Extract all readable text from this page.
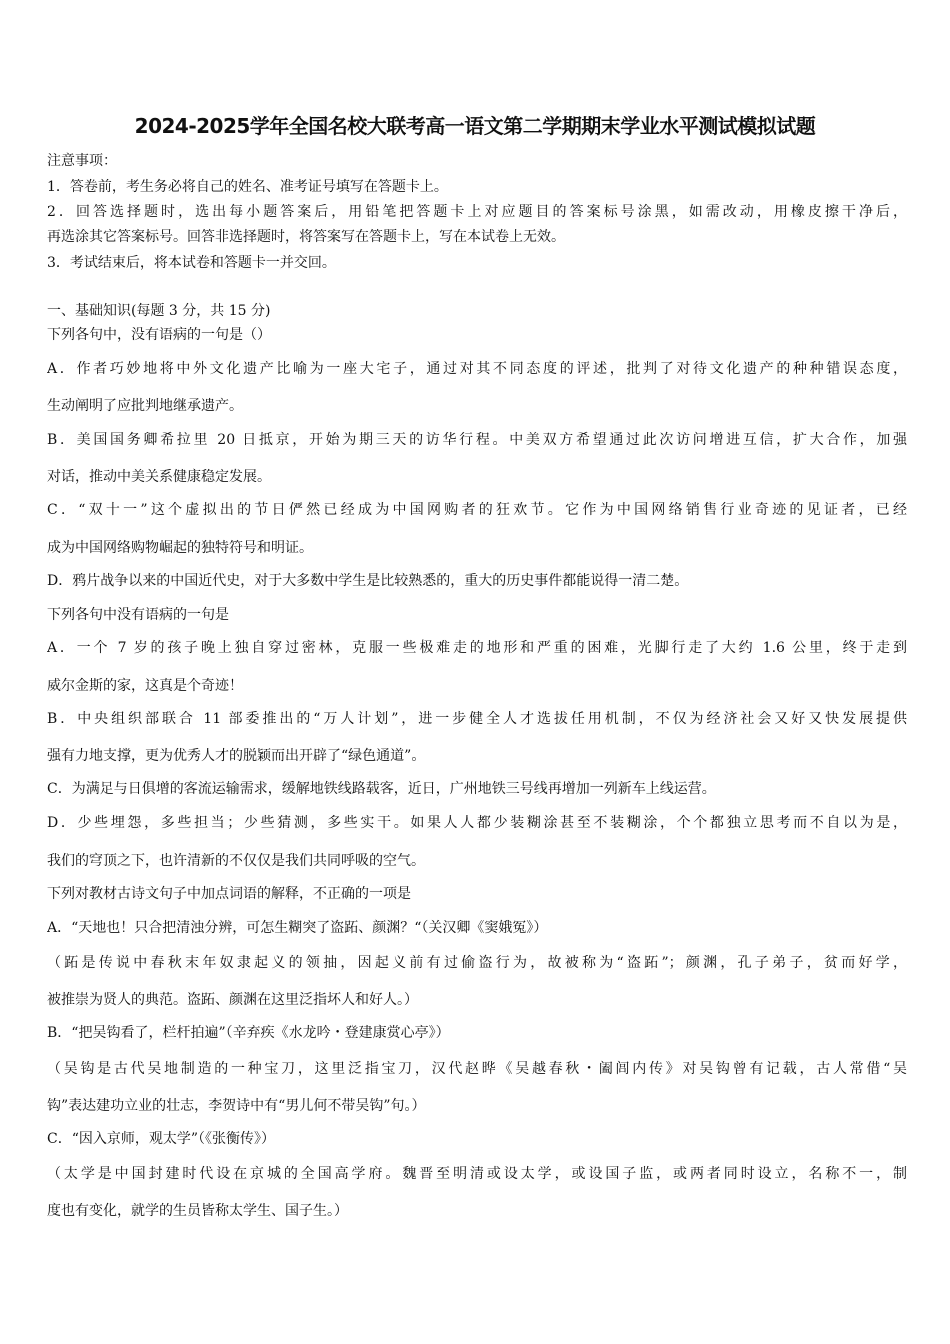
2024-2025学年全国名校大联考高一语文第二学期期末学业水平测试模拟试题

注意事项：

1．答卷前，考生务必将自己的姓名、准考证号填写在答题卡上。

2．回答选择题时，选出每小题答案后，用铅笔把答题卡上对应题目的答案标号涂黑，如需改动，用橡皮擦干净后，

再选涂其它答案标号。回答非选择题时，将答案写在答题卡上，写在本试卷上无效。

3．考试结束后，将本试卷和答题卡一并交回。

一、基础知识(每题 3 分，共 15 分)

下列各句中，没有语病的一句是（）

A．作者巧妙地将中外文化遗产比喻为一座大宅子，通过对其不同态度的评述，批判了对待文化遗产的种种错误态度，

生动阐明了应批判地继承遗产。

B．美国国务卿希拉里 20 日抵京，开始为期三天的访华行程。中美双方希望通过此次访问增进互信，扩大合作，加强

对话，推动中美关系健康稳定发展。

C．“双十一”这个虚拟出的节日俨然已经成为中国网购者的狂欢节。它作为中国网络销售行业奇迹的见证者，已经

成为中国网络购物崛起的独特符号和明证。

D．鸦片战争以来的中国近代史，对于大多数中学生是比较熟悉的，重大的历史事件都能说得一清二楚。

下列各句中没有语病的一句是

A．一个 7 岁的孩子晚上独自穿过密林，克服一些极难走的地形和严重的困难，光脚行走了大约 1.6 公里，终于走到

威尔金斯的家，这真是个奇迹！

B．中央组织部联合 11 部委推出的“万人计划”，进一步健全人才选拔任用机制，不仅为经济社会又好又快发展提供

强有力地支撑，更为优秀人才的脱颖而出开辟了“绿色通道”。

C．为满足与日俱增的客流运输需求，缓解地铁线路载客，近日，广州地铁三号线再增加一列新车上线运营。

D．少些埋怨，多些担当；少些猜测，多些实干。如果人人都少装糊涂甚至不装糊涂，个个都独立思考而不自以为是，

我们的穹顶之下，也许清新的不仅仅是我们共同呼吸的空气。

下列对教材古诗文句子中加点词语的解释，不正确的一项是

A．“天地也！只合把清浊分辨，可怎生糊突了盗跖、颜渊？“（关汉卿《窦娥冤》）

（跖是传说中春秋末年奴隶起义的领抽，因起义前有过偷盗行为，故被称为“盗跖”；颜渊，孔子弟子，贫而好学，

被推崇为贤人的典范。盗跖、颜渊在这里泛指坏人和好人。）

B．“把吴钩看了，栏杆拍遍”（辛弃疾《水龙吟・登建康赏心亭》）

（吴钩是古代吴地制造的一种宝刀，这里泛指宝刀，汉代赵晔《吴越春秋・阖闾内传》对吴钩曾有记载，古人常借“吴

钩”表达建功立业的壮志，李贺诗中有“男儿何不带吴钩”句。）

C．“因入京师，观太学”（《张衡传》）

（太学是中国封建时代设在京城的全国高学府。魏晋至明清或设太学，或设国子监，或两者同时设立，名称不一，制

度也有变化，就学的生员皆称太学生、国子生。）
